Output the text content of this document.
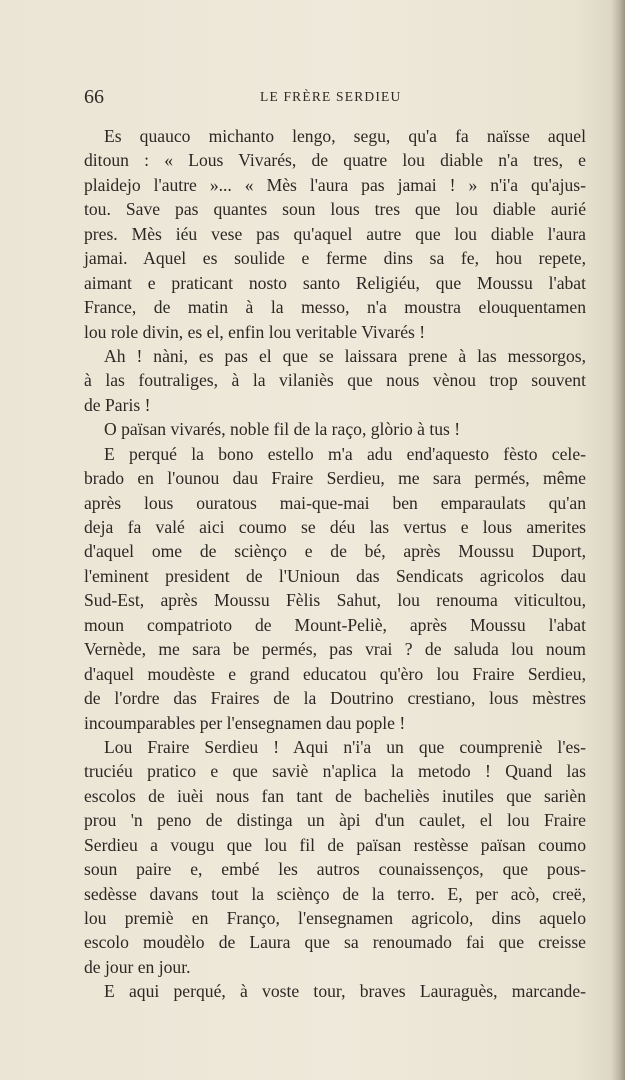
66	LE FRÈRE SERDIEU
Es quauco michanto lengo, segu, qu'a fa naïsse aquel
ditoun : « Lous Vivarés, de quatre lou diable n'a tres, e
plaidejo l'autre »... « Mès l'aura pas jamai ! » n'i'a qu'ajus-
tou. Save pas quantes soun lous tres que lou diable aurié
pres. Mès iéu vese pas qu'aquel autre que lou diable l'aura
jamai. Aquel es soulide e ferme dins sa fe, hou repete,
aimant e praticant nosto santo Religiéu, que Moussu l'abat
France, de matin à la messo, n'a moustra elouquentamen
lou role divin, es el, enfin lou veritable Vivarés !
Ah ! nàni, es pas el que se laissara prene à las messorgos,
à las foutraliges, à la vilaniès que nous vènou trop souvent
de Paris !
O païsan vivarés, noble fil de la raço, glòrio à tus !
E perqué la bono estello m'a adu end'aquesto fèsto cele-
brado en l'ounou dau Fraire Serdieu, me sara permés, même
après lous ouratous mai-que-mai ben emparaulats qu'an
deja fa valé aici coumo se déu las vertus e lous amerites
d'aquel ome de sciènço e de bé, après Moussu Duport,
l'eminent president de l'Unioun das Sendicats agricolos dau
Sud-Est, après Moussu Fèlis Sahut, lou renouma viticultou,
moun compatrioto de Mount-Peliè, après Moussu l'abat
Vernède, me sara be permés, pas vrai ? de saluda lou noum
d'aquel moudèste e grand educatou qu'èro lou Fraire Serdieu,
de l'ordre das Fraires de la Doutrino crestiano, lous mèstres
incoumparables per l'ensegnamen dau pople !
Lou Fraire Serdieu ! Aqui n'i'a un que coumpreniè l'es-
truciéu pratico e que saviè n'aplica la metodo ! Quand las
escolos de iuèi nous fan tant de bacheliès inutiles que sarièn
prou 'n peno de distinga un àpi d'un caulet, el lou Fraire
Serdieu a vougu que lou fil de païsan restèsse païsan coumo
soun paire e, embé les autros counaissenços, que pous-
sedèsse davans tout la sciènço de la terro. E, per acò, creë,
lou premiè en Franço, l'ensegnamen agricolo, dins aquelo
escolo moudèlo de Laura que sa renoumado fai que creisse
de jour en jour.
E aqui perqué, à voste tour, braves Lauraguès, marcande-
